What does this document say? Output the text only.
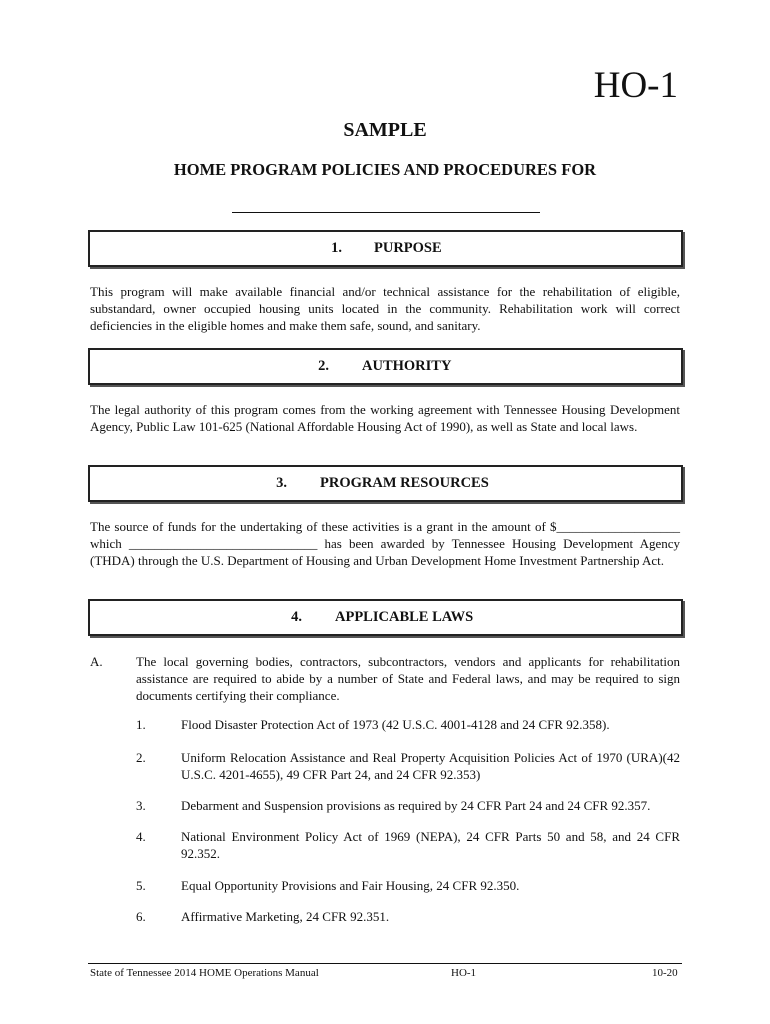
HO-1
SAMPLE
HOME PROGRAM POLICIES AND PROCEDURES FOR
1. PURPOSE

This program will make available financial and/or technical assistance for the rehabilitation of eligible, substandard, owner occupied housing units located in the community. Rehabilitation work will correct deficiencies in the eligible homes and make them safe, sound, and sanitary.

2. AUTHORITY

The legal authority of this program comes from the working agreement with Tennessee Housing Development Agency, Public Law 101-625 (National Affordable Housing Act of 1990), as well as State and local laws.

3. PROGRAM RESOURCES

The source of funds for the undertaking of these activities is a grant in the amount of $___________________ which _____________________________ has been awarded by Tennessee Housing Development Agency (THDA) through the U.S. Department of Housing and Urban Development Home Investment Partnership Act.

4. APPLICABLE LAWS
A.	The local governing bodies, contractors, subcontractors, vendors and applicants for rehabilitation assistance are required to abide by a number of State and Federal laws, and may be required to sign documents certifying their compliance.

1.	Flood Disaster Protection Act of 1973 (42 U.S.C. 4001-4128 and 24 CFR 92.358).

2.	Uniform Relocation Assistance and Real Property Acquisition Policies Act of 1970 (URA)(42 U.S.C. 4201-4655), 49 CFR Part 24, and 24 CFR 92.353)

3.	Debarment and Suspension provisions as required by 24 CFR Part 24 and 24 CFR 92.357.

4.	National Environment Policy Act of 1969 (NEPA), 24 CFR Parts 50 and 58, and 24 CFR 92.352.

5.	Equal Opportunity Provisions and Fair Housing, 24 CFR 92.350.

6.	Affirmative Marketing, 24 CFR 92.351.

State of Tennessee 2014 HOME Operations Manual	HO-1	10-20
